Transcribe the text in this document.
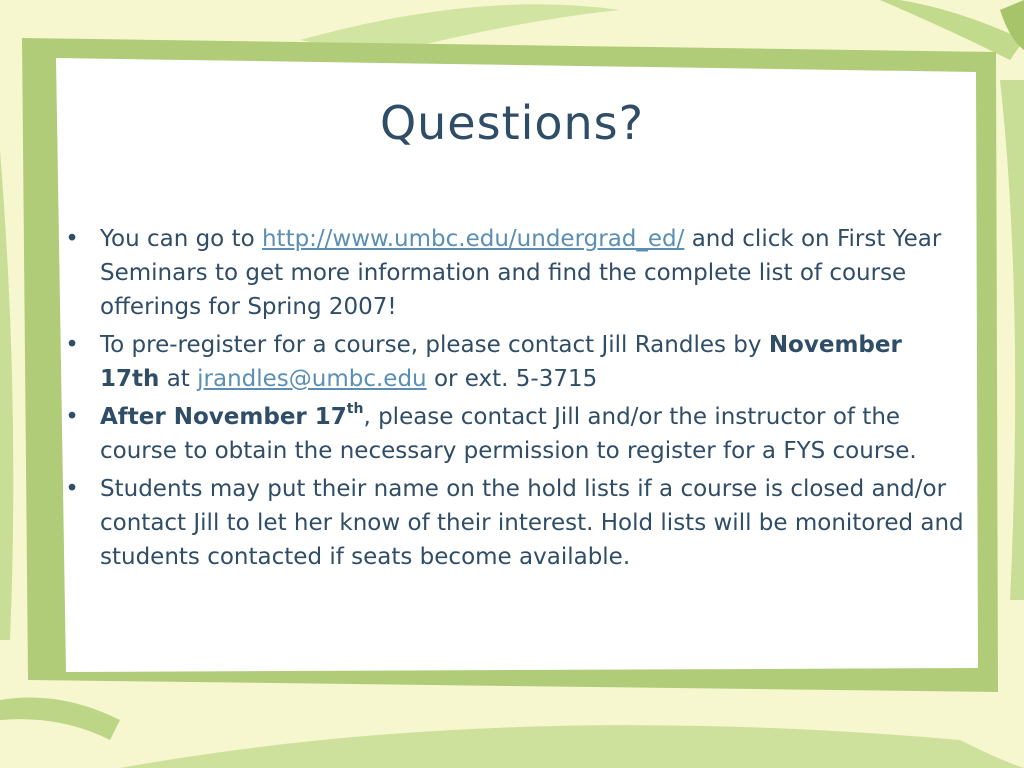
Questions?
• You can go to http://www.umbc.edu/undergrad_ed/ and click on First Year Seminars to get more information and find the complete list of course offerings for Spring 2007!
• To pre-register for a course, please contact Jill Randles by November 17th at jrandles@umbc.edu or ext. 5-3715
• After November 17th, please contact Jill and/or the instructor of the course to obtain the necessary permission to register for a FYS course.
• Students may put their name on the hold lists if a course is closed and/or contact Jill to let her know of their interest. Hold lists will be monitored and students contacted if seats become available.
